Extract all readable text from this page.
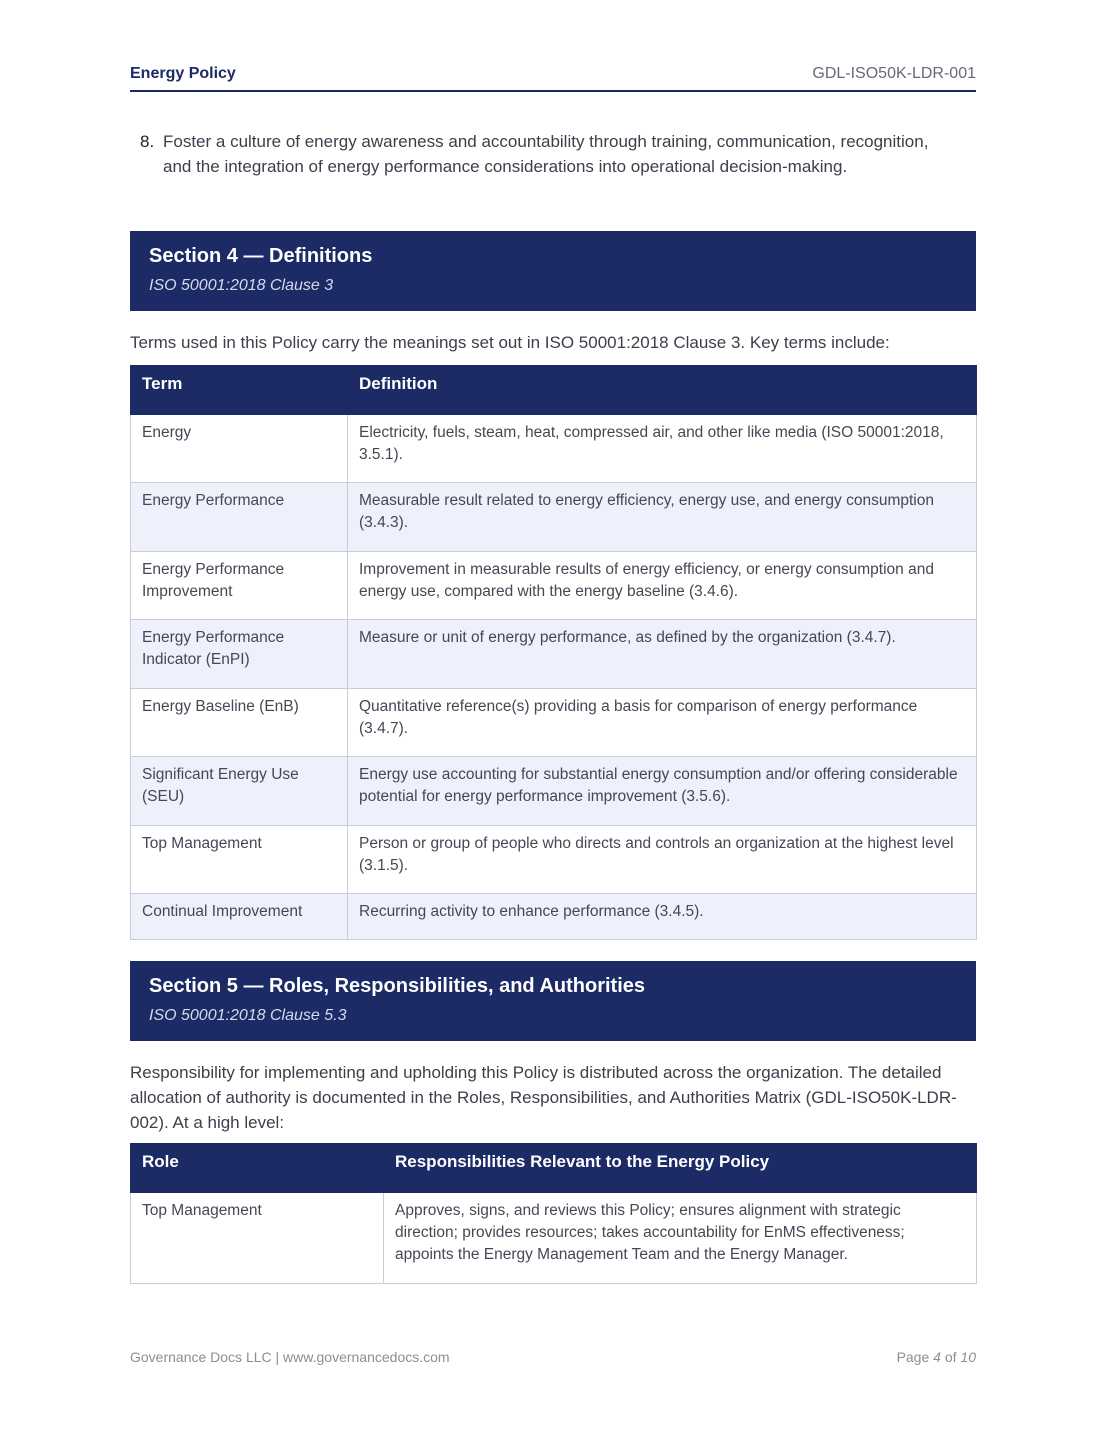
Energy Policy	GDL-ISO50K-LDR-001
8. Foster a culture of energy awareness and accountability through training, communication, recognition, and the integration of energy performance considerations into operational decision-making.
Section 4 — Definitions
ISO 50001:2018 Clause 3
Terms used in this Policy carry the meanings set out in ISO 50001:2018 Clause 3. Key terms include:
Term	Definition
Energy	Electricity, fuels, steam, heat, compressed air, and other like media (ISO 50001:2018, 3.5.1).
Energy Performance	Measurable result related to energy efficiency, energy use, and energy consumption (3.4.3).
Energy Performance Improvement	Improvement in measurable results of energy efficiency, or energy consumption and energy use, compared with the energy baseline (3.4.6).
Energy Performance Indicator (EnPI)	Measure or unit of energy performance, as defined by the organization (3.4.7).
Energy Baseline (EnB)	Quantitative reference(s) providing a basis for comparison of energy performance (3.4.7).
Significant Energy Use (SEU)	Energy use accounting for substantial energy consumption and/or offering considerable potential for energy performance improvement (3.5.6).
Top Management	Person or group of people who directs and controls an organization at the highest level (3.1.5).
Continual Improvement	Recurring activity to enhance performance (3.4.5).
Section 5 — Roles, Responsibilities, and Authorities
ISO 50001:2018 Clause 5.3
Responsibility for implementing and upholding this Policy is distributed across the organization. The detailed allocation of authority is documented in the Roles, Responsibilities, and Authorities Matrix (GDL-ISO50K-LDR-002). At a high level:
Role	Responsibilities Relevant to the Energy Policy
Top Management	Approves, signs, and reviews this Policy; ensures alignment with strategic direction; provides resources; takes accountability for EnMS effectiveness; appoints the Energy Management Team and the Energy Manager.
Governance Docs LLC | www.governancedocs.com	Page 4 of 10
